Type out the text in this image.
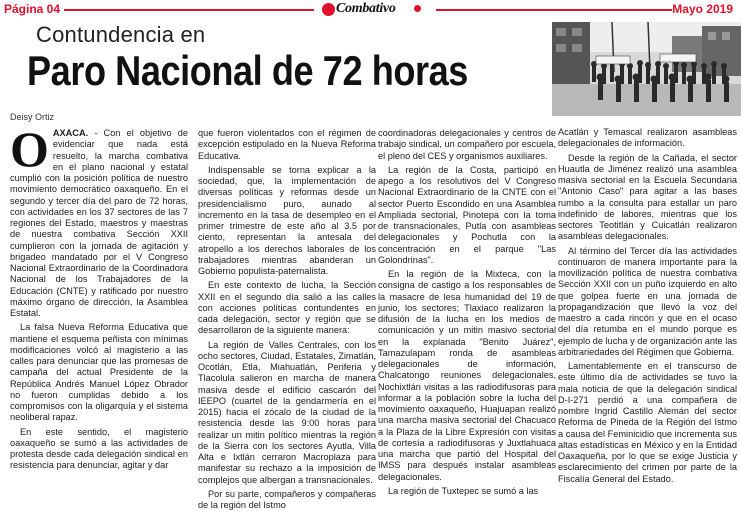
Página 04	Combativo	Mayo 2019
Contundencia en
Paro Nacional de 72 horas
Deisy Ortiz

OAXACA. - Con el objetivo de evidenciar que nada está resuelto, la marcha combativa en el plano nacional y estatal cumplió con la posición política de nuestro movimiento democrático oaxaqueño. En el segundo y tercer día del paro de 72 horas, con actividades en los 37 sectores de las 7 regiones del Estado, maestros y maestras de nuestra combativa Sección XXII cumplieron con la jornada de agitación y brigadeo mandatado por el V Congreso Nacional Extraordinario de la Coordinadora Nacional de los Trabajadores de la Educación (CNTE) y ratificado por nuestro máximo órgano de dirección, la Asamblea Estatal.

La falsa Nueva Reforma Educativa que mantiene el esquema peñista con mínimas modificaciones volcó al magisterio a las calles para denunciar que las promesas de campaña del actual Presidente de la República Andrés Manuel López Obrador no fueron cumplidas debido a los compromisos con la oligarquía y el sistema neoliberal rapaz.

En este sentido, el magisterio oaxaqueño se sumó a las actividades de protesta desde cada delegación sindical en resistencia para denunciar, agitar y dar

que fueron violentados con el régimen de excepción estipulado en la Nueva Reforma Educativa.

Indispensable se torna explicar a la sociedad, que, la implementación de diversas políticas y reformas desde un presidencialismo puro, aunado al incremento en la tasa de desempleo en el primer trimestre de este año al 3.5 por ciento, representan la antesala del atropello a los derechos laborales de los trabajadores mientras abanderan un Gobierno populista-paternalista.

En este contexto de lucha, la Sección XXII en el segundo día salió a las calles con acciones políticas contundentes en cada delegación, sector y región que se desarrollaron de la siguiente manera:

La región de Valles Centrales, con los ocho sectores, Ciudad, Estatales, Zimatlán, Ocotlán, Etla, Miahuatlán, Periferia y Tlacolula salieron en marcha de manera masiva desde el edificio cascarón del IEEPO (cuartel de la gendarmería en el 2015) hacia el zócalo de la ciudad de la resistencia desde las 9:00 horas para realizar un mitin político mientras la región de la Sierra con los sectores Ayutla, Villa Alta e Ixtlán cerraron Macroplaza para manifestar su rechazo a la imposición de complejos que albergan a transnacionales.

Por su parte, compañeros y compañeras de la región del Istmo

coordinadoras delegacionales y centros de trabajo sindical, un compañero por escuela, el pleno del CES y organismos auxiliares.

La región de la Costa, participó en apego a los resolutivos del V Congreso Nacional Extraordinario de la CNTE con el sector Puerto Escondido en una Asamblea Ampliada sectorial, Pinotepa con la toma de transnacionales, Putla con asambleas delegacionales y Pochutla con la concentración en el parque "Las Golondrinas".

En la región de la Mixteca, con la consigna de castigo a los responsables de la masacre de lesa humanidad del 19 de junio, los sectores; Tlaxiaco realizaron la difusión de la lucha en los medios de comunicación y un mitin masivo sectorial en la explanada "Benito Juárez", Tamazulapam ronda de asambleas delegacionales de información, Chalcatongo reuniones delegacionales, Nochixtlán visitas a las radiodifusoras para informar a la población sobre la lucha del movimiento oaxaqueño, Huajuapan realizó una marcha masiva sectorial del Chacuaco a la Plaza de la Libre Expresión con visitas de cortesía a radiodifusoras y Juxtlahuaca una marcha que partió del Hospital del IMSS para después instalar asambleas delegacionales.

La región de Tuxtepec se sumó a las

Acatlán y Temascal realizaron asambleas delegacionales de información.

Desde la región de la Cañada, el sector Huautla de Jiménez realizó una asamblea masiva sectorial en la Escuela Secundaria "Antonio Caso" para agitar a las bases rumbo a la consulta para estallar un paro indefinido de labores, mientras que los sectores Teotitlán y Cuicatlán realizaron asambleas delegacionales.

Al término del Tercer día las actividades continuaron de manera importante para la movilización política de nuestra combativa Sección XXII con un puño izquierdo en alto que golpea fuerte en una jornada de propagandización que llevó la voz del maestro a cada rincón y que en el ocaso del día retumba en el mundo porque es ejemplo de lucha y de organización ante las arbitrariedades del Régimen que Gobierna.

Lamentablemente en el transcurso de este último día de actividades se tuvo la mala noticia de que la delegación sindical D-I-271 perdió a una compañera de nombre Ingrid Castillo Alemán del sector Reforma de Pineda de la Región del Istmo a causa del Feminicidio que incrementa sus altas estadísticas en México y en la Entidad Oaxaqueña, por lo que se exige Justicia y esclarecimiento del crimen por parte de la Fiscalía General del Estado.
